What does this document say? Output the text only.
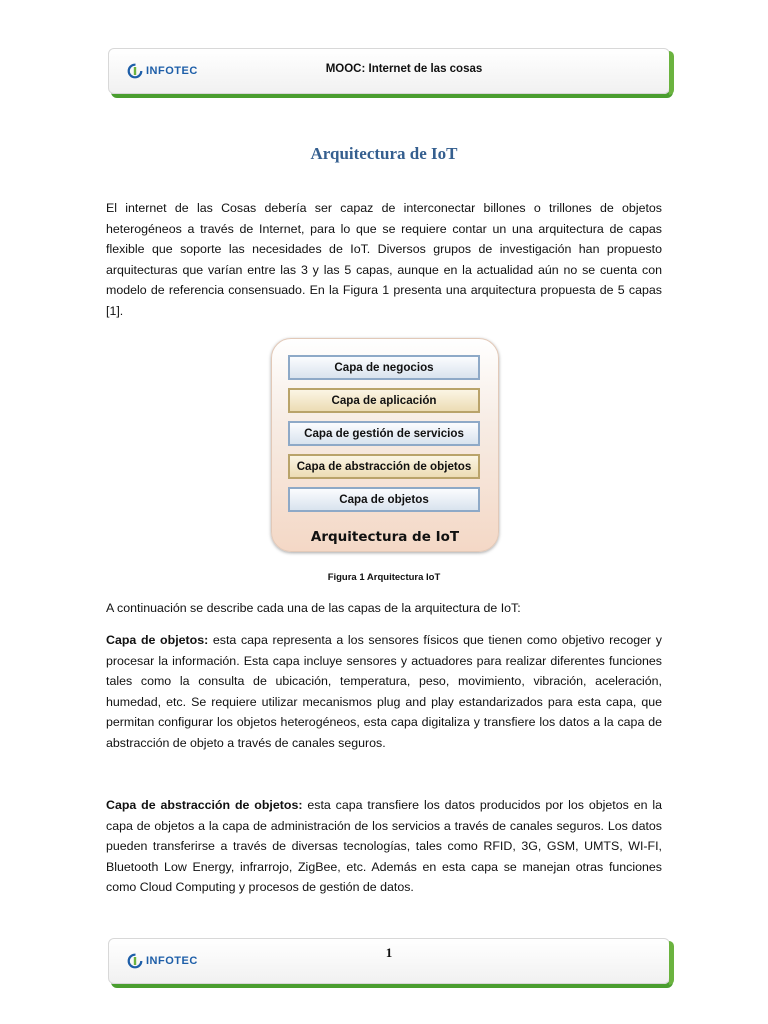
INFOTEC	MOOC: Internet de las cosas
Arquitectura de IoT

El internet de las Cosas debería ser capaz de interconectar billones o trillones de objetos heterogéneos a través de Internet, para lo que se requiere contar un una arquitectura de capas flexible que soporte las necesidades de IoT. Diversos grupos de investigación han propuesto arquitecturas que varían entre las 3 y las 5 capas, aunque en la actualidad aún no se cuenta con modelo de referencia consensuado. En la Figura 1 presenta una arquitectura propuesta de 5 capas [1].

Capa de negocios
Capa de aplicación
Capa de gestión de servicios
Capa de abstracción de objetos
Capa de objetos
Arquitectura de IoT
Figura 1 Arquitectura IoT

A continuación se describe cada una de las capas de la arquitectura de IoT:

Capa de objetos: esta capa representa a los sensores físicos que tienen como objetivo recoger y procesar la información. Esta capa incluye sensores y actuadores para realizar diferentes funciones tales como la consulta de ubicación, temperatura, peso, movimiento, vibración, aceleración, humedad, etc. Se requiere utilizar mecanismos plug and play estandarizados para esta capa, que permitan configurar los objetos heterogéneos, esta capa digitaliza y transfiere los datos a la capa de abstracción de objeto a través de canales seguros.

Capa de abstracción de objetos: esta capa transfiere los datos producidos por los objetos en la capa de objetos a la capa de administración de los servicios a través de canales seguros. Los datos pueden transferirse a través de diversas tecnologías, tales como RFID, 3G, GSM, UMTS, WI-FI, Bluetooth Low Energy, infrarrojo, ZigBee, etc. Además en esta capa se manejan otras funciones como Cloud Computing y procesos de gestión de datos.

INFOTEC
1
